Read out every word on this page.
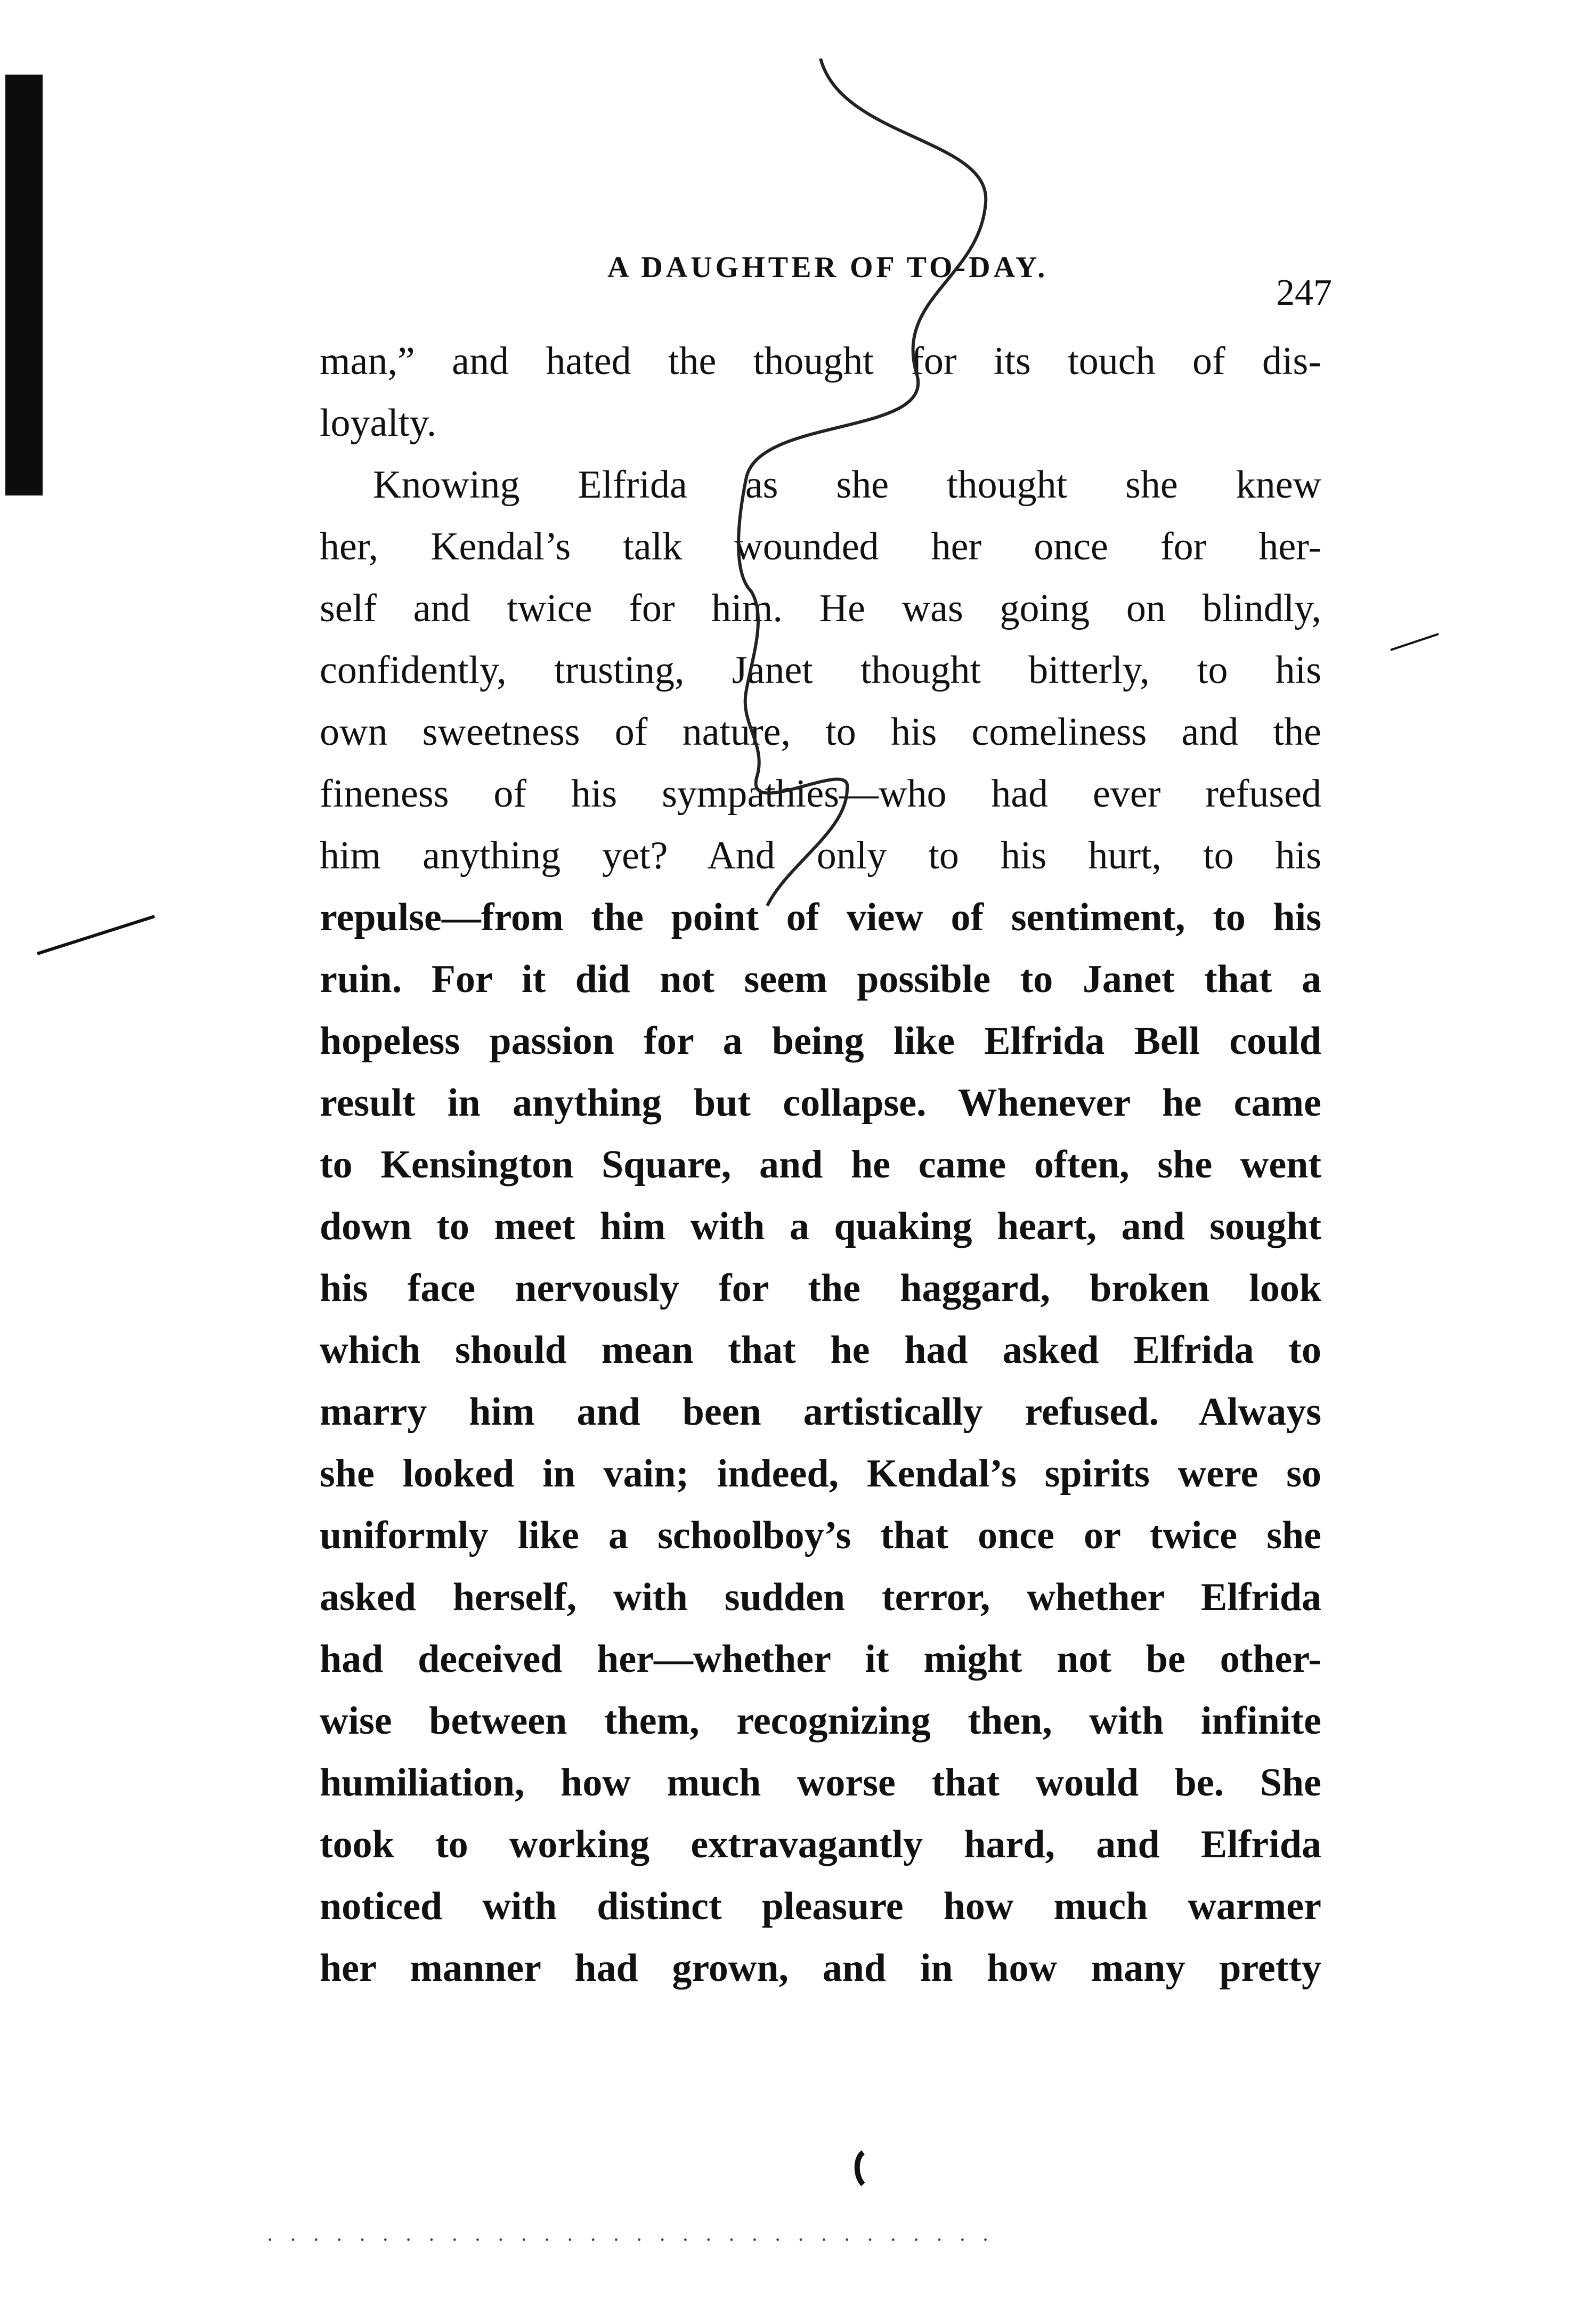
A DAUGHTER OF TO-DAY.
247
man,” and hated the thought for its touch of dis-
loyalty.
Knowing Elfrida as she thought she knew
her, Kendal’s talk wounded her once for her-
self and twice for him. He was going on blindly,
confidently, trusting, Janet thought bitterly, to his
own sweetness of nature, to his comeliness and the
fineness of his sympathies—who had ever refused
him anything yet? And only to his hurt, to his
repulse—from the point of view of sentiment, to his
ruin. For it did not seem possible to Janet that a
hopeless passion for a being like Elfrida Bell could
result in anything but collapse. Whenever he came
to Kensington Square, and he came often, she went
down to meet him with a quaking heart, and sought
his face nervously for the haggard, broken look
which should mean that he had asked Elfrida to
marry him and been artistically refused. Always
she looked in vain; indeed, Kendal’s spirits were so
uniformly like a schoolboy’s that once or twice she
asked herself, with sudden terror, whether Elfrida
had deceived her—whether it might not be other-
wise between them, recognizing then, with infinite
humiliation, how much worse that would be. She
took to working extravagantly hard, and Elfrida
noticed with distinct pleasure how much warmer
her manner had grown, and in how many pretty
· · · · · · · · · · · · · · · · · · · · · · · · · · · · · · · ·
